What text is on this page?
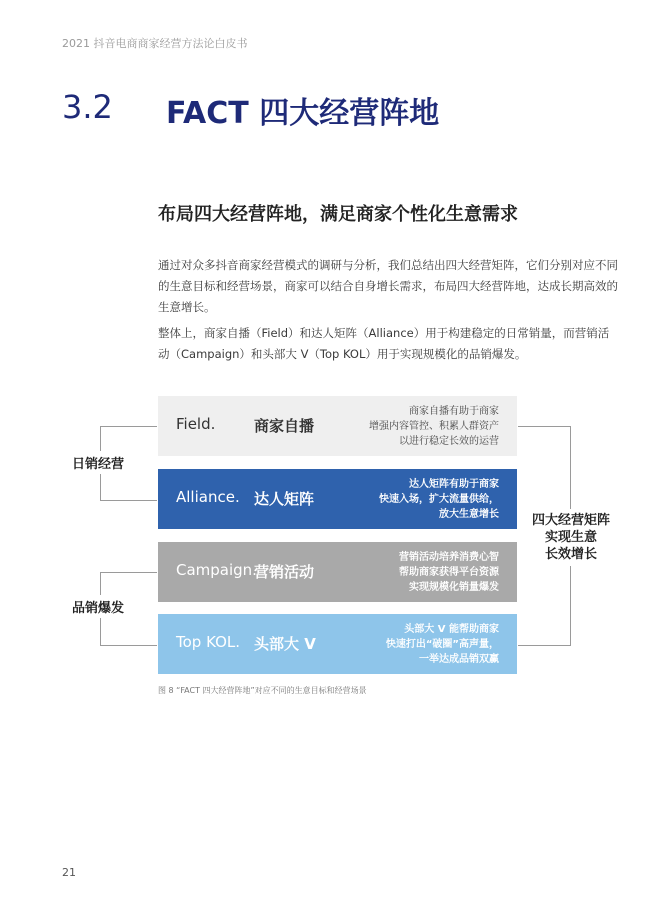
2021 抖音电商商家经营方法论白皮书
3.2 FACT 四大经营阵地
布局四大经营阵地，满足商家个性化生意需求

通过对众多抖音商家经营模式的调研与分析，我们总结出四大经营矩阵，它们分别对应不同的生意目标和经营场景，商家可以结合自身增长需求，布局四大经营阵地，达成长期高效的生意增长。

整体上，商家自播（Field）和达人矩阵（Alliance）用于构建稳定的日常销量，而营销活动（Campaign）和头部大 V（Top KOL）用于实现规模化的品销爆发。

Field.	商家自播
商家自播有助于商家
增强内容管控、积累人群资产
以进行稳定长效的运营
Alliance. 达人矩阵
达人矩阵有助于商家
快速入场，扩大流量供给，
放大生意增长
Campaign.
营销活动
营销活动培养消费心智
帮助商家获得平台资源
实现规模化销量爆发
Top KOL. 头部大 V
头部大 V 能帮助商家
快速打出“破圈”高声量，
一举达成品销双赢
日销经营
品销爆发
四大经营矩阵
实现生意
长效增长
图 8 “FACT 四大经营阵地”对应不同的生意目标和经营场景
21
